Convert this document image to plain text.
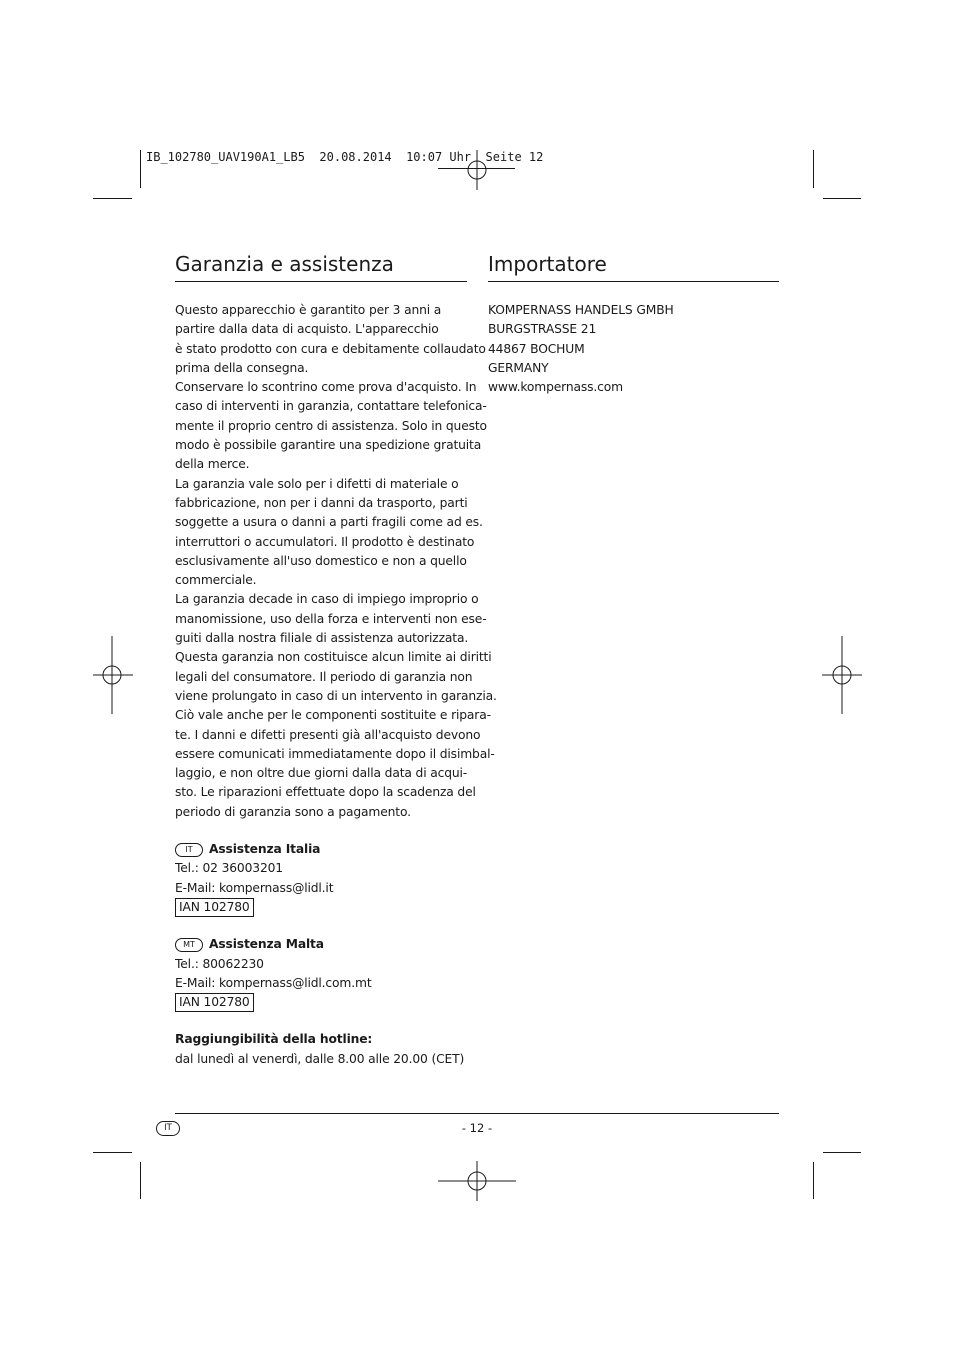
IB_102780_UAV190A1_LB5  20.08.2014  10:07 Uhr  Seite 12
Garanzia e assistenza
Questo apparecchio è garantito per 3 anni a
partire dalla data di acquisto. L'apparecchio
è stato prodotto con cura e debitamente collaudato
prima della consegna.
Conservare lo scontrino come prova d'acquisto. In
caso di interventi in garanzia, contattare telefonica-
mente il proprio centro di assistenza. Solo in questo
modo è possibile garantire una spedizione gratuita
della merce.
La garanzia vale solo per i difetti di materiale o
fabbricazione, non per i danni da trasporto, parti
soggette a usura o danni a parti fragili come ad es.
interruttori o accumulatori. Il prodotto è destinato
esclusivamente all'uso domestico e non a quello
commerciale.
La garanzia decade in caso di impiego improprio o
manomissione, uso della forza e interventi non ese-
guiti dalla nostra filiale di assistenza autorizzata.
Questa garanzia non costituisce alcun limite ai diritti
legali del consumatore. Il periodo di garanzia non
viene prolungato in caso di un intervento in garanzia.
Ciò vale anche per le componenti sostituite e ripara-
te. I danni e difetti presenti già all'acquisto devono
essere comunicati immediatamente dopo il disimbal-
laggio, e non oltre due giorni dalla data di acqui-
sto. Le riparazioni effettuate dopo la scadenza del
periodo di garanzia sono a pagamento.
IT Assistenza Italia
Tel.: 02 36003201
E-Mail: kompernass@lidl.it
IAN 102780
MT Assistenza Malta
Tel.: 80062230
E-Mail: kompernass@lidl.com.mt
IAN 102780
Raggiungibilità della hotline:
dal lunedì al venerdì, dalle 8.00 alle 20.00 (CET)
Importatore
KOMPERNASS HANDELS GMBH
BURGSTRASSE 21
44867 BOCHUM
GERMANY
www.kompernass.com
IT	- 12 -
